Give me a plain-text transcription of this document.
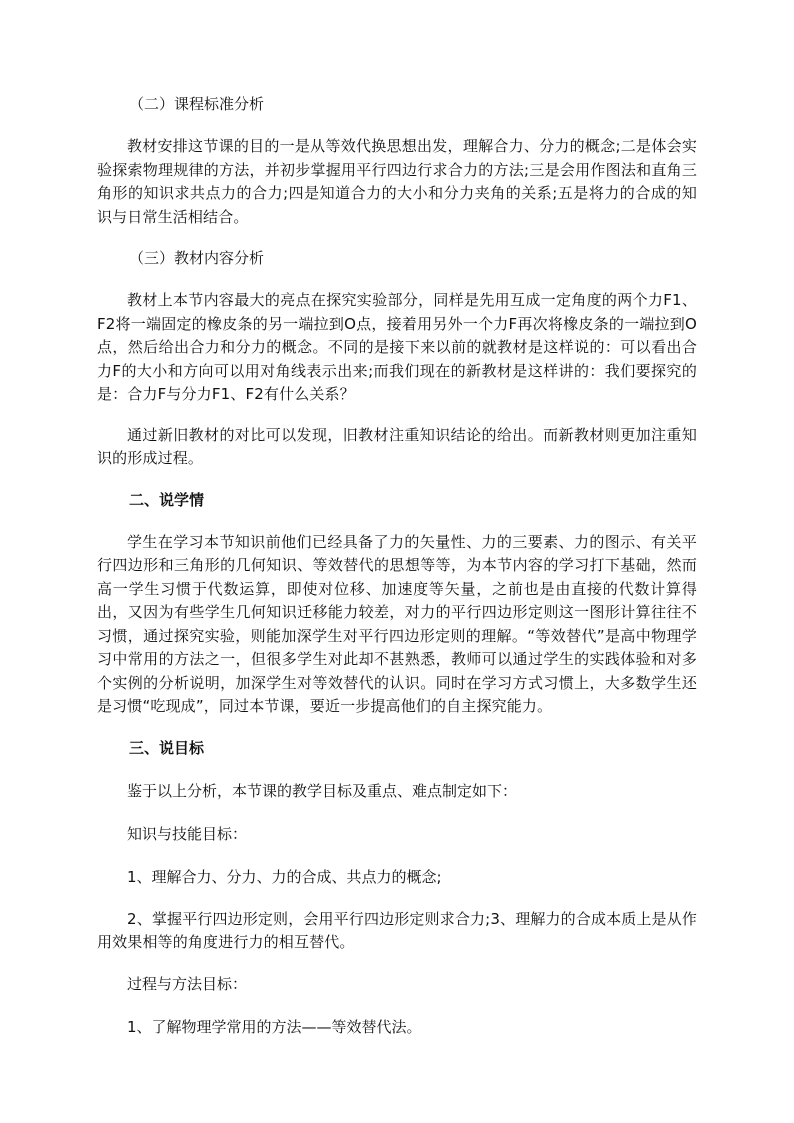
（二）课程标准分析

教材安排这节课的目的一是从等效代换思想出发，理解合力、分力的概念;二是体会实验探索物理规律的方法，并初步掌握用平行四边行求合力的方法;三是会用作图法和直角三角形的知识求共点力的合力;四是知道合力的大小和分力夹角的关系;五是将力的合成的知识与日常生活相结合。

（三）教材内容分析

教材上本节内容最大的亮点在探究实验部分，同样是先用互成一定角度的两个力F1、F2将一端固定的橡皮条的另一端拉到O点，接着用另外一个力F再次将橡皮条的一端拉到O点，然后给出合力和分力的概念。不同的是接下来以前的就教材是这样说的：可以看出合力F的大小和方向可以用对角线表示出来;而我们现在的新教材是这样讲的：我们要探究的是：合力F与分力F1、F2有什么关系？

通过新旧教材的对比可以发现，旧教材注重知识结论的给出。而新教材则更加注重知识的形成过程。

二、说学情

学生在学习本节知识前他们已经具备了力的矢量性、力的三要素、力的图示、有关平行四边形和三角形的几何知识、等效替代的思想等等，为本节内容的学习打下基础，然而高一学生习惯于代数运算，即使对位移、加速度等矢量，之前也是由直接的代数计算得出，又因为有些学生几何知识迁移能力较差，对力的平行四边形定则这一图形计算往往不习惯，通过探究实验，则能加深学生对平行四边形定则的理解。“等效替代”是高中物理学习中常用的方法之一，但很多学生对此却不甚熟悉，教师可以通过学生的实践体验和对多个实例的分析说明，加深学生对等效替代的认识。同时在学习方式习惯上，大多数学生还是习惯“吃现成”，同过本节课，要近一步提高他们的自主探究能力。

三、说目标
鉴于以上分析，本节课的教学目标及重点、难点制定如下：
知识与技能目标：
1、理解合力、分力、力的合成、共点力的概念;

2、掌握平行四边形定则，会用平行四边形定则求合力;3、理解力的合成本质上是从作用效果相等的角度进行力的相互替代。

过程与方法目标：
1、了解物理学常用的方法——等效替代法。
